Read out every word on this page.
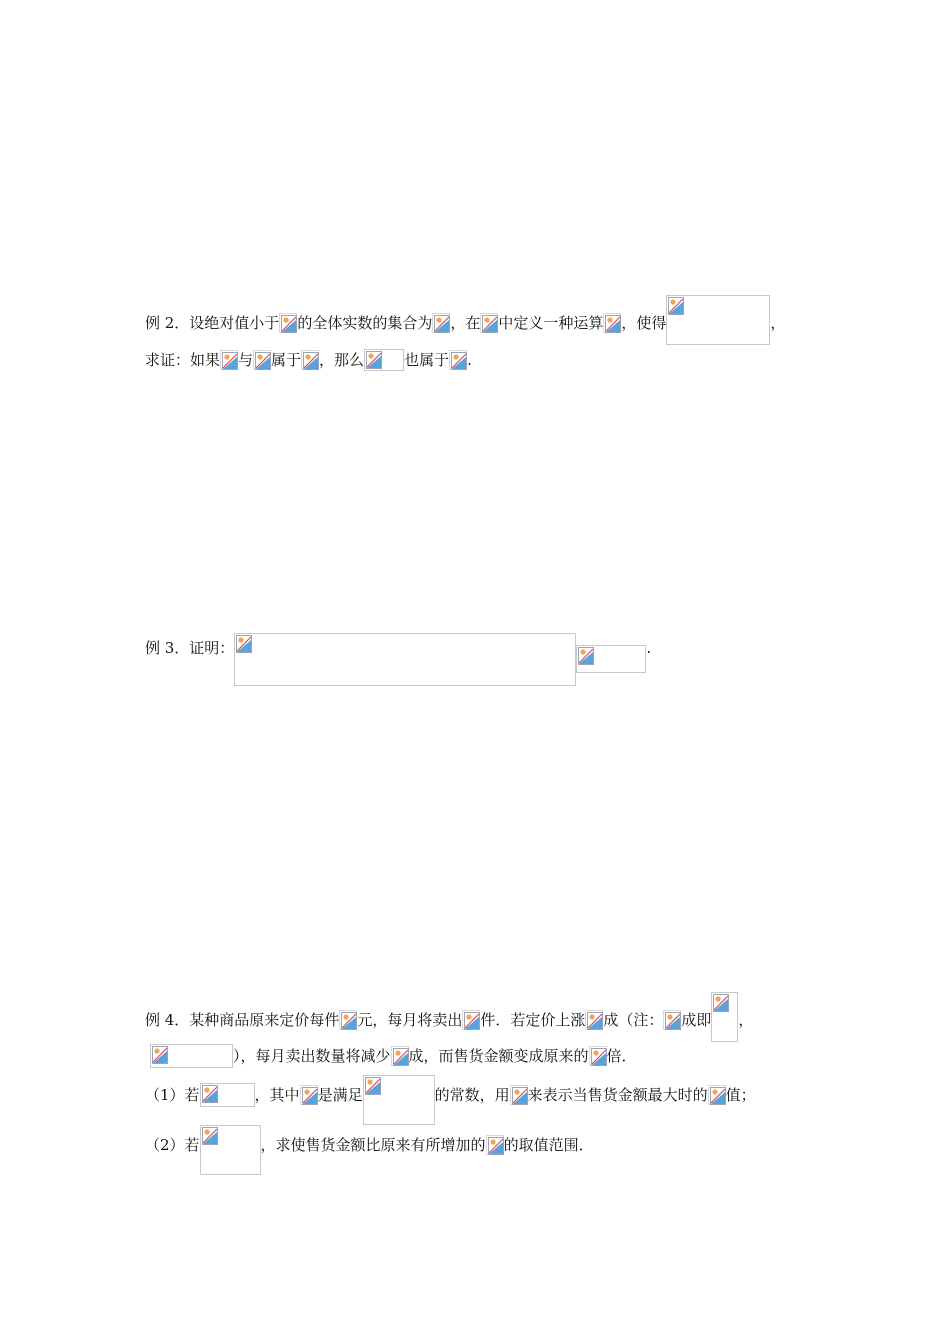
例 2．设绝对值小于 的全体实数的集合为 ，在 中定义一种运算 ，使得	，
求证：如果 与 属于 ，那么	也属于 .
例 3．证明：	.
例 4．某种商品原来定价每件 元，每月将卖出 件．若定价上涨 成（注： 成即 ，
），每月卖出数量将减少 成，而售货金额变成原来的 倍．
（1）若	，其中 是满足	的常数，用 来表示当售货金额最大时的 值；
（2）若	，求使售货金额比原来有所增加的 的取值范围．
